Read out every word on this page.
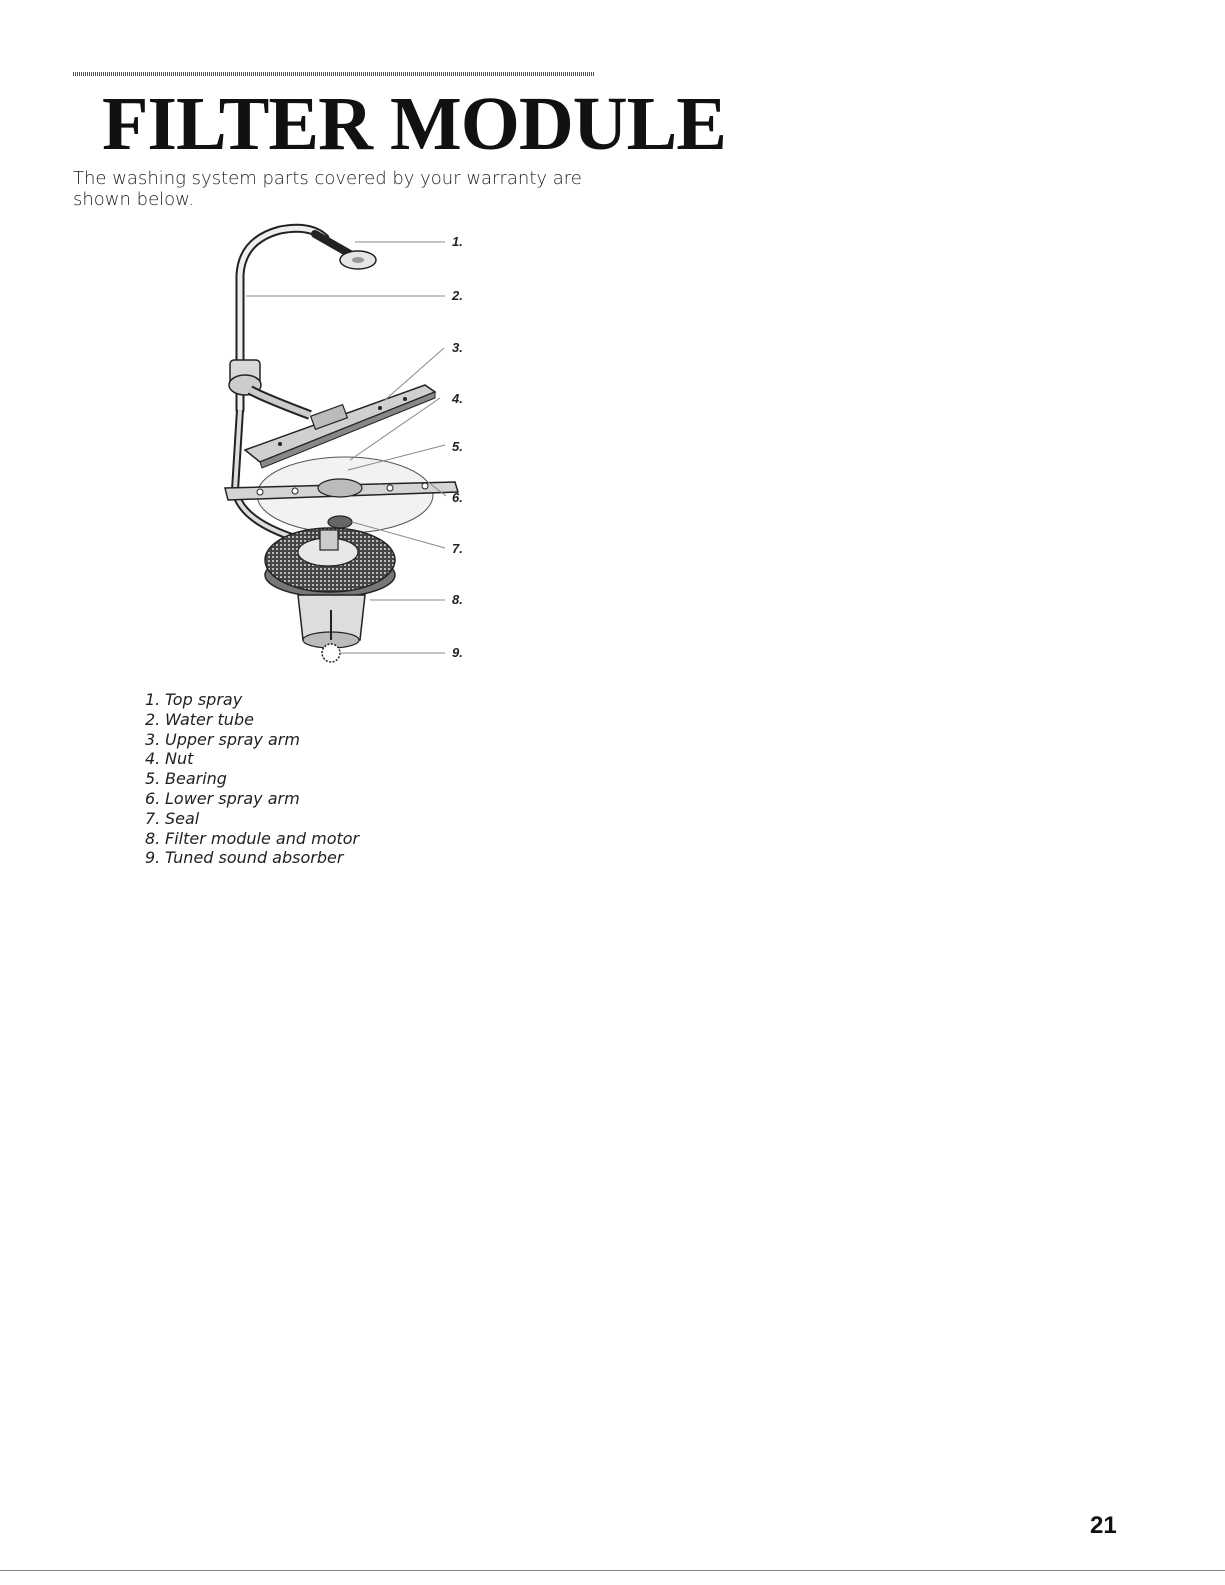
FILTER MODULE

The washing system parts covered by your warranty are shown below.

1.
2.
3.
4.
5.
6.
7.
8.
9.
1. Top spray
2. Water tube
3. Upper spray arm
4. Nut
5. Bearing
6. Lower spray arm
7. Seal
8. Filter module and motor
9. Tuned sound absorber

21
